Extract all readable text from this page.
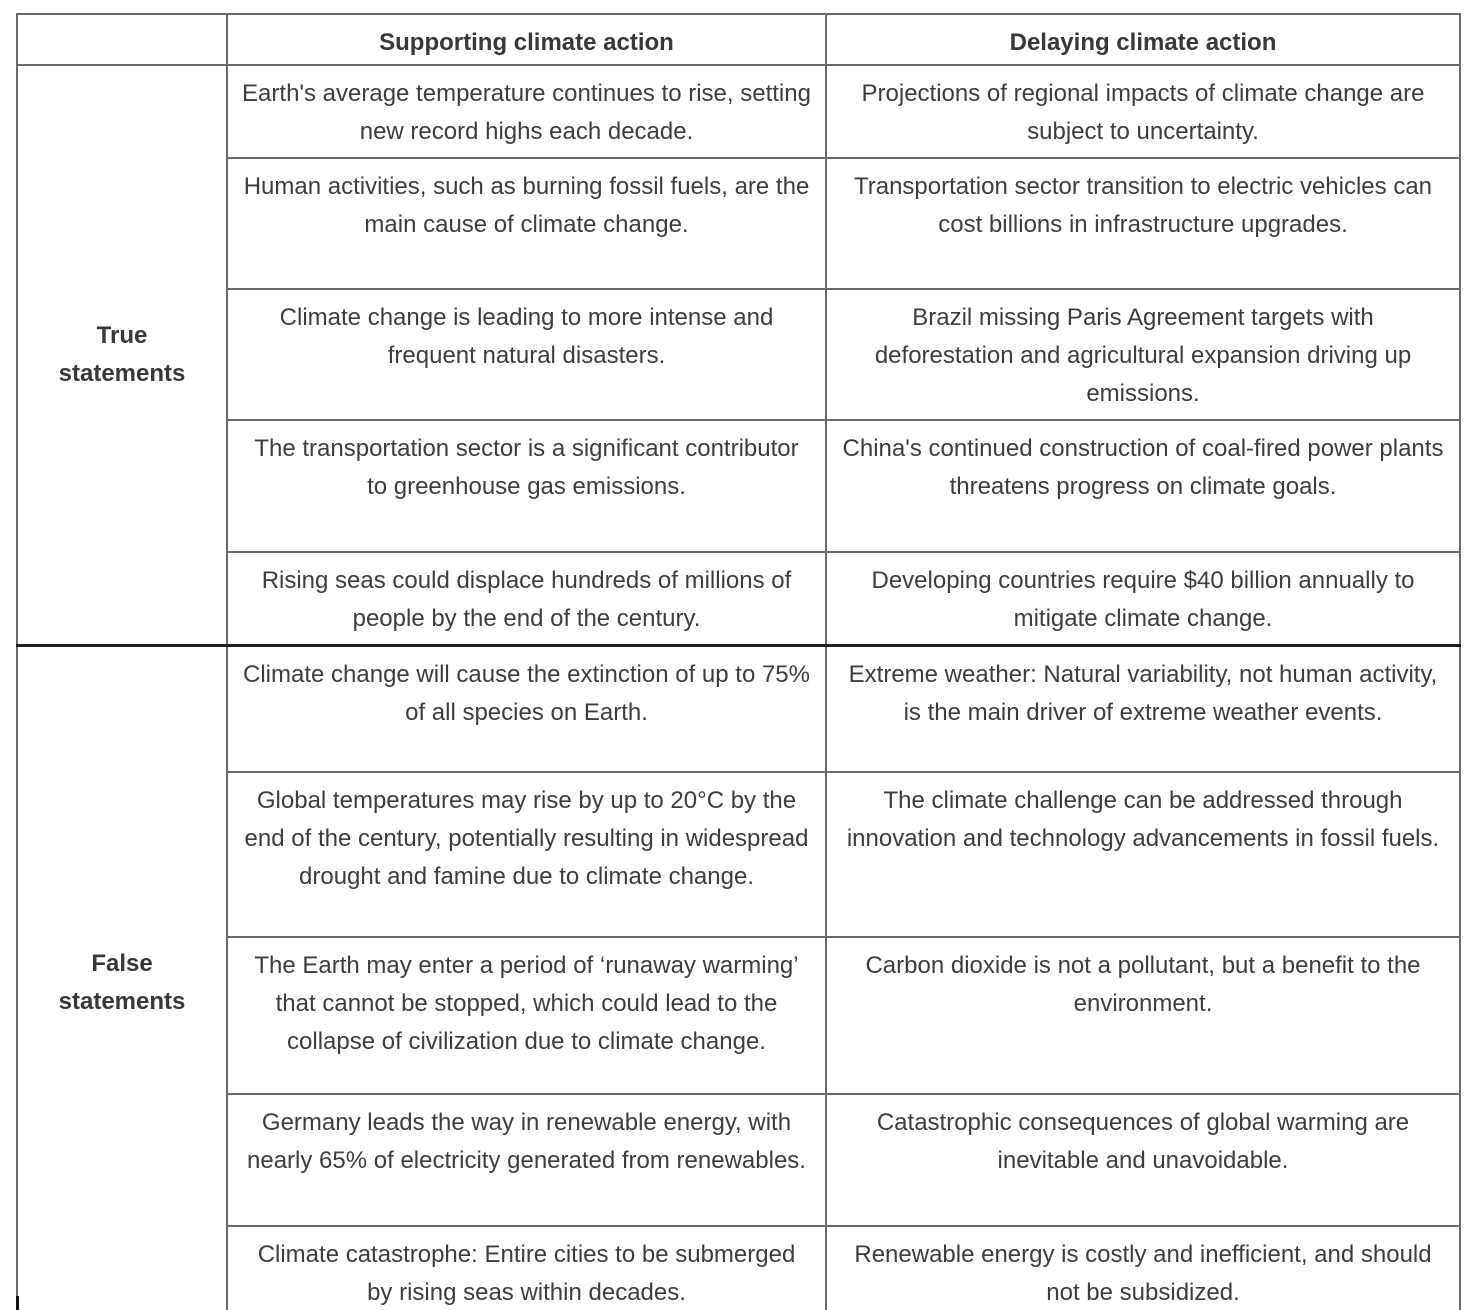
	Supporting climate action	Delaying climate action
True statements	Earth's average temperature continues to rise, setting new record highs each decade.	Projections of regional impacts of climate change are subject to uncertainty.
	Human activities, such as burning fossil fuels, are the main cause of climate change.	Transportation sector transition to electric vehicles can cost billions in infrastructure upgrades.
	Climate change is leading to more intense and frequent natural disasters.	Brazil missing Paris Agreement targets with deforestation and agricultural expansion driving up emissions.
	The transportation sector is a significant contributor to greenhouse gas emissions.	China's continued construction of coal-fired power plants threatens progress on climate goals.
	Rising seas could displace hundreds of millions of people by the end of the century.	Developing countries require $40 billion annually to mitigate climate change.
False statements	Climate change will cause the extinction of up to 75% of all species on Earth.	Extreme weather: Natural variability, not human activity, is the main driver of extreme weather events.
	Global temperatures may rise by up to 20°C by the end of the century, potentially resulting in widespread drought and famine due to climate change.	The climate challenge can be addressed through innovation and technology advancements in fossil fuels.
	The Earth may enter a period of ‘runaway warming’ that cannot be stopped, which could lead to the collapse of civilization due to climate change.	Carbon dioxide is not a pollutant, but a benefit to the environment.
	Germany leads the way in renewable energy, with nearly 65% of electricity generated from renewables.	Catastrophic consequences of global warming are inevitable and unavoidable.
	Climate catastrophe: Entire cities to be submerged by rising seas within decades.	Renewable energy is costly and inefficient, and should not be subsidized.
